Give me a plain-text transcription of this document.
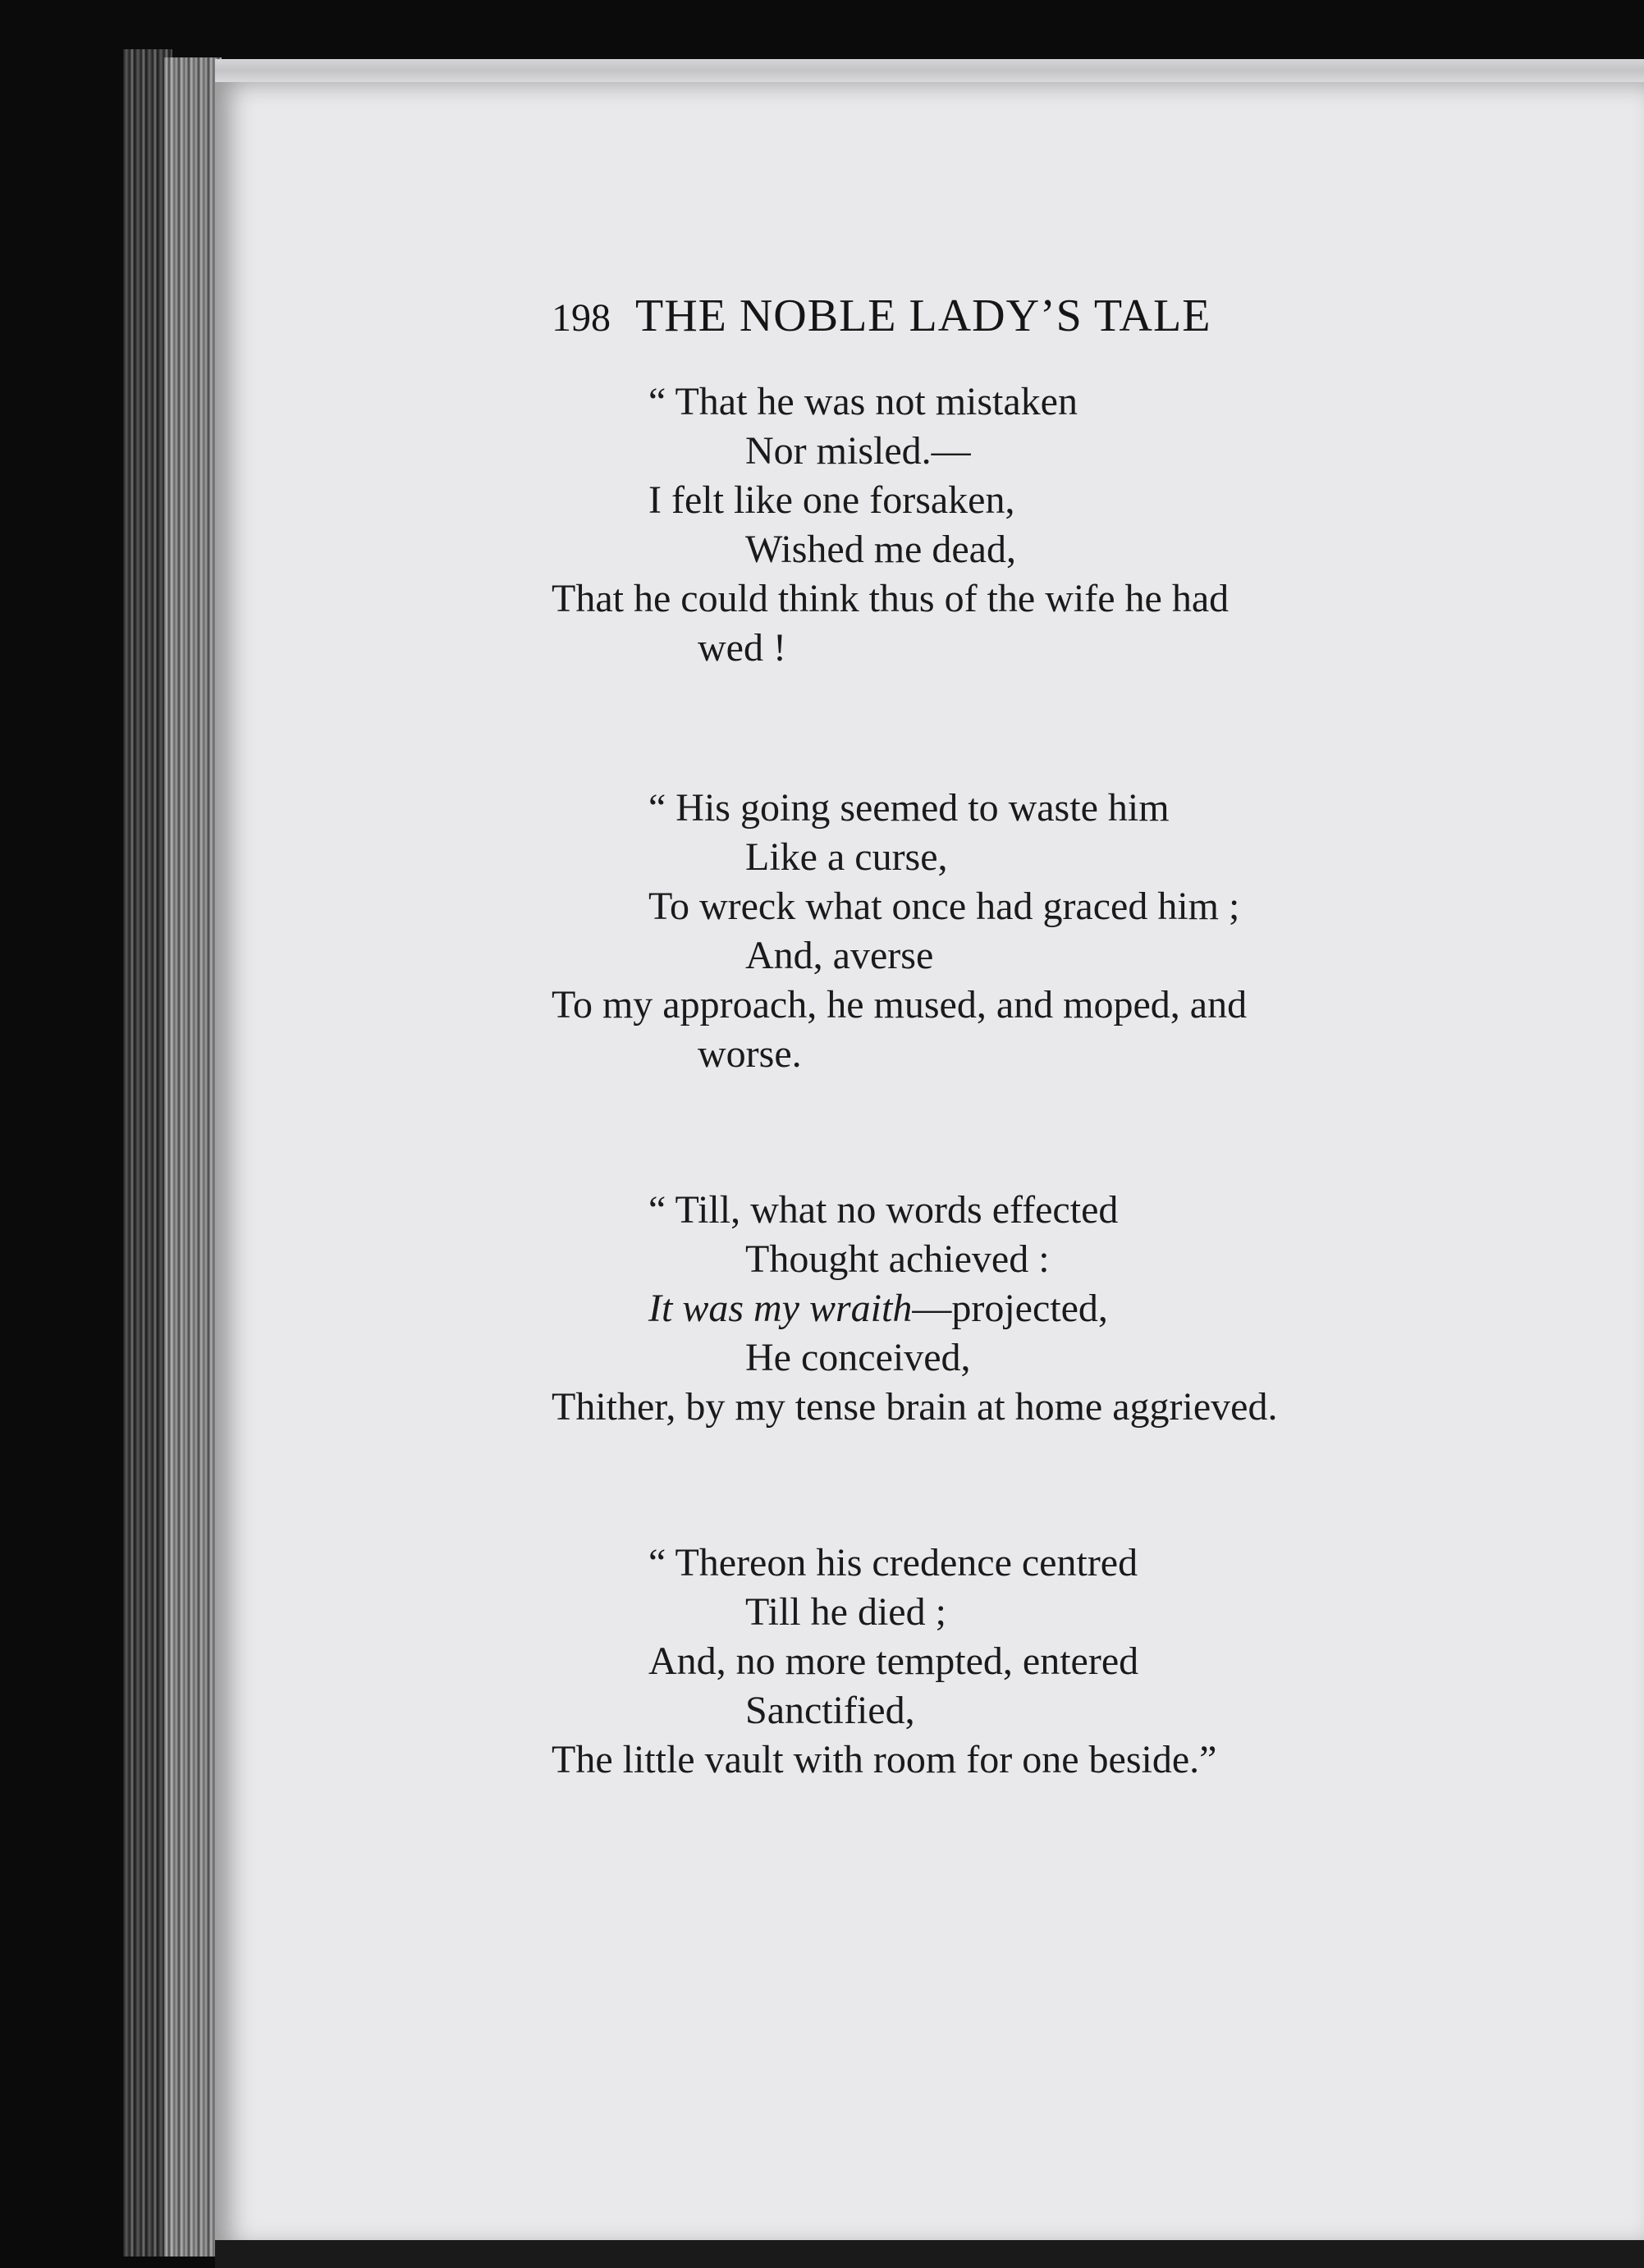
198 THE NOBLE LADY’S TALE
“ That he was not mistaken
Nor misled.—
I felt like one forsaken,
Wished me dead,
That he could think thus of the wife he had
wed !
“ His going seemed to waste him
Like a curse,
To wreck what once had graced him ;
And, averse
To my approach, he mused, and moped, and
worse.
“ Till, what no words effected
Thought achieved :
It was my wraith—projected,
He conceived,
Thither, by my tense brain at home aggrieved.
“ Thereon his credence centred
Till he died ;
And, no more tempted, entered
Sanctified,
The little vault with room for one beside.”
